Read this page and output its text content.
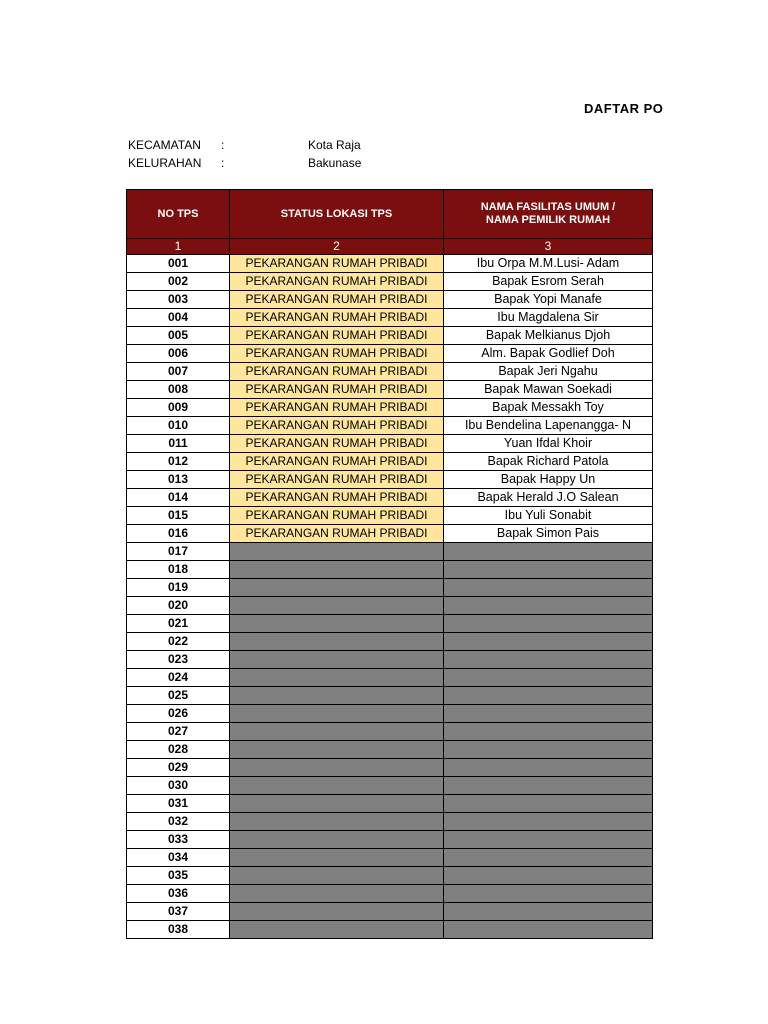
DAFTAR PO
KECAMATAN :	Kota Raja
KELURAHAN :	Bakunase
NO TPS	STATUS LOKASI TPS	NAMA FASILITAS UMUM /
NAMA PEMILIK RUMAH

1	2	3
001	PEKARANGAN RUMAH PRIBADI	Ibu Orpa M.M.Lusi- Adam
002	PEKARANGAN RUMAH PRIBADI	Bapak Esrom Serah
003	PEKARANGAN RUMAH PRIBADI	Bapak Yopi Manafe
004	PEKARANGAN RUMAH PRIBADI	Ibu Magdalena Sir
005	PEKARANGAN RUMAH PRIBADI	Bapak Melkianus Djoh
006	PEKARANGAN RUMAH PRIBADI	Alm. Bapak Godlief Doh
007	PEKARANGAN RUMAH PRIBADI	Bapak Jeri Ngahu
008	PEKARANGAN RUMAH PRIBADI	Bapak Mawan Soekadi
009	PEKARANGAN RUMAH PRIBADI	Bapak Messakh Toy
010	PEKARANGAN RUMAH PRIBADI	Ibu Bendelina Lapenangga- N
011	PEKARANGAN RUMAH PRIBADI	Yuan Ifdal Khoir
012	PEKARANGAN RUMAH PRIBADI	Bapak Richard Patola
013	PEKARANGAN RUMAH PRIBADI	Bapak Happy Un
014	PEKARANGAN RUMAH PRIBADI	Bapak Herald J.O Salean
015	PEKARANGAN RUMAH PRIBADI	Ibu Yuli Sonabit
016	PEKARANGAN RUMAH PRIBADI	Bapak Simon Pais
017		
018		
019		
020		
021		
022		
023		
024		
025		
026		
027		
028		
029		
030		
031		
032		
033		
034		
035		
036		
037		
038		
